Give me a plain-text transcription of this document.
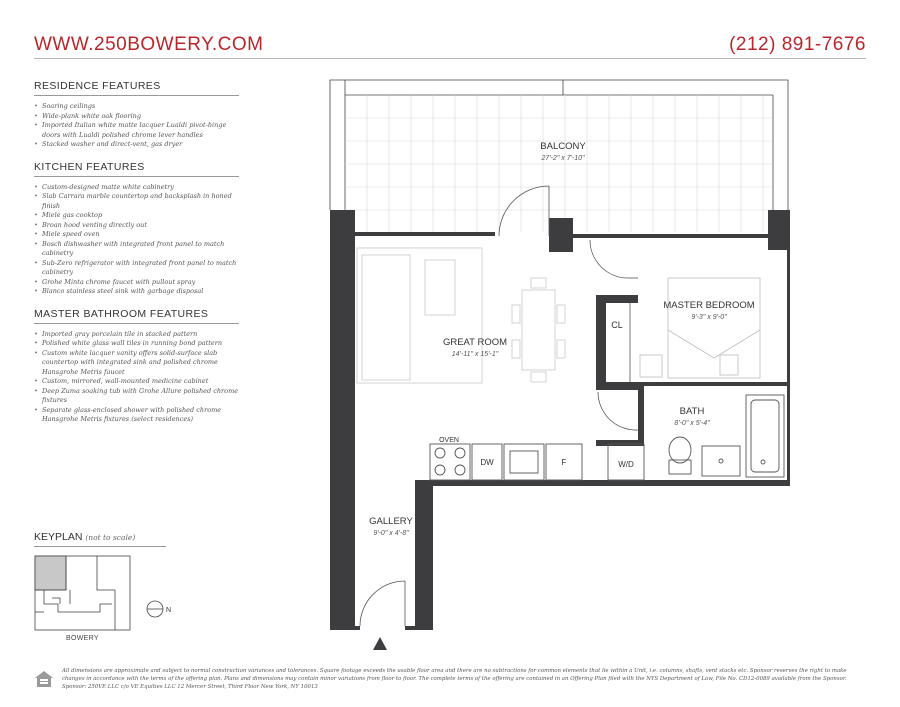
WWW.250BOWERY.COM	(212) 891-7676
RESIDENCE FEATURES
• Soaring ceilings
• Wide-plank white oak flooring
• Imported Italian white matte lacquer Lualdi pivot-hinge doors with Lualdi polished chrome lever handles
• Stacked washer and direct-vent, gas dryer
KITCHEN FEATURES
• Custom-designed matte white cabinetry
• Slab Carrara marble countertop and backsplash in honed finish
• Miele gas cooktop
• Broan hood venting directly out
• Miele speed oven
• Bosch dishwasher with integrated front panel to match cabinetry
• Sub-Zero refrigerator with integrated front panel to match cabinetry
• Grohe Minta chrome faucet with pullout spray
• Blanco stainless steel sink with garbage disposal
MASTER BATHROOM FEATURES
• Imported gray porcelain tile in stacked pattern
• Polished white glass wall tiles in running bond pattern
• Custom white lacquer vanity offers solid-surface slab countertop with integrated sink and polished chrome Hansgrohe Metris faucet
• Custom, mirrored, wall-mounted medicine cabinet
• Deep Zuma soaking tub with Grohe Allure polished chrome fixtures
• Separate glass-enclosed shower with polished chrome Hansgrohe Metris fixtures (select residences)
KEYPLAN (not to scale)
N
BALCONY
27'-2" x 7'-10"
GREAT ROOM
14'-11" x 15'-1"
MASTER BEDROOM
9'-3" x 9'-0"
BATH
8'-0" x 5'-4"
GALLERY
9'-0" x 4'-8"
CL
OVEN
DW	F	W/D
BOWERY
All dimensions are approximate and subject to normal construction variances and tolerances. Square footage exceeds the usable floor area and there are no subtractions for common elements that lie within a Unit, i.e. columns, shafts, vent stacks etc. Sponsor reserves the right to make changes in accordance with the terms of the offering plan. Plans and dimensions may contain minor variations from floor to floor. The complete terms of the offering are contained in an Offering Plan filed with the NYS Department of Law, File No. CD12-0089 available from the Sponsor. Sponsor: 250VE LLC c/o VE Equities LLC 12 Mercer Street, Third Floor New York, NY 10013
